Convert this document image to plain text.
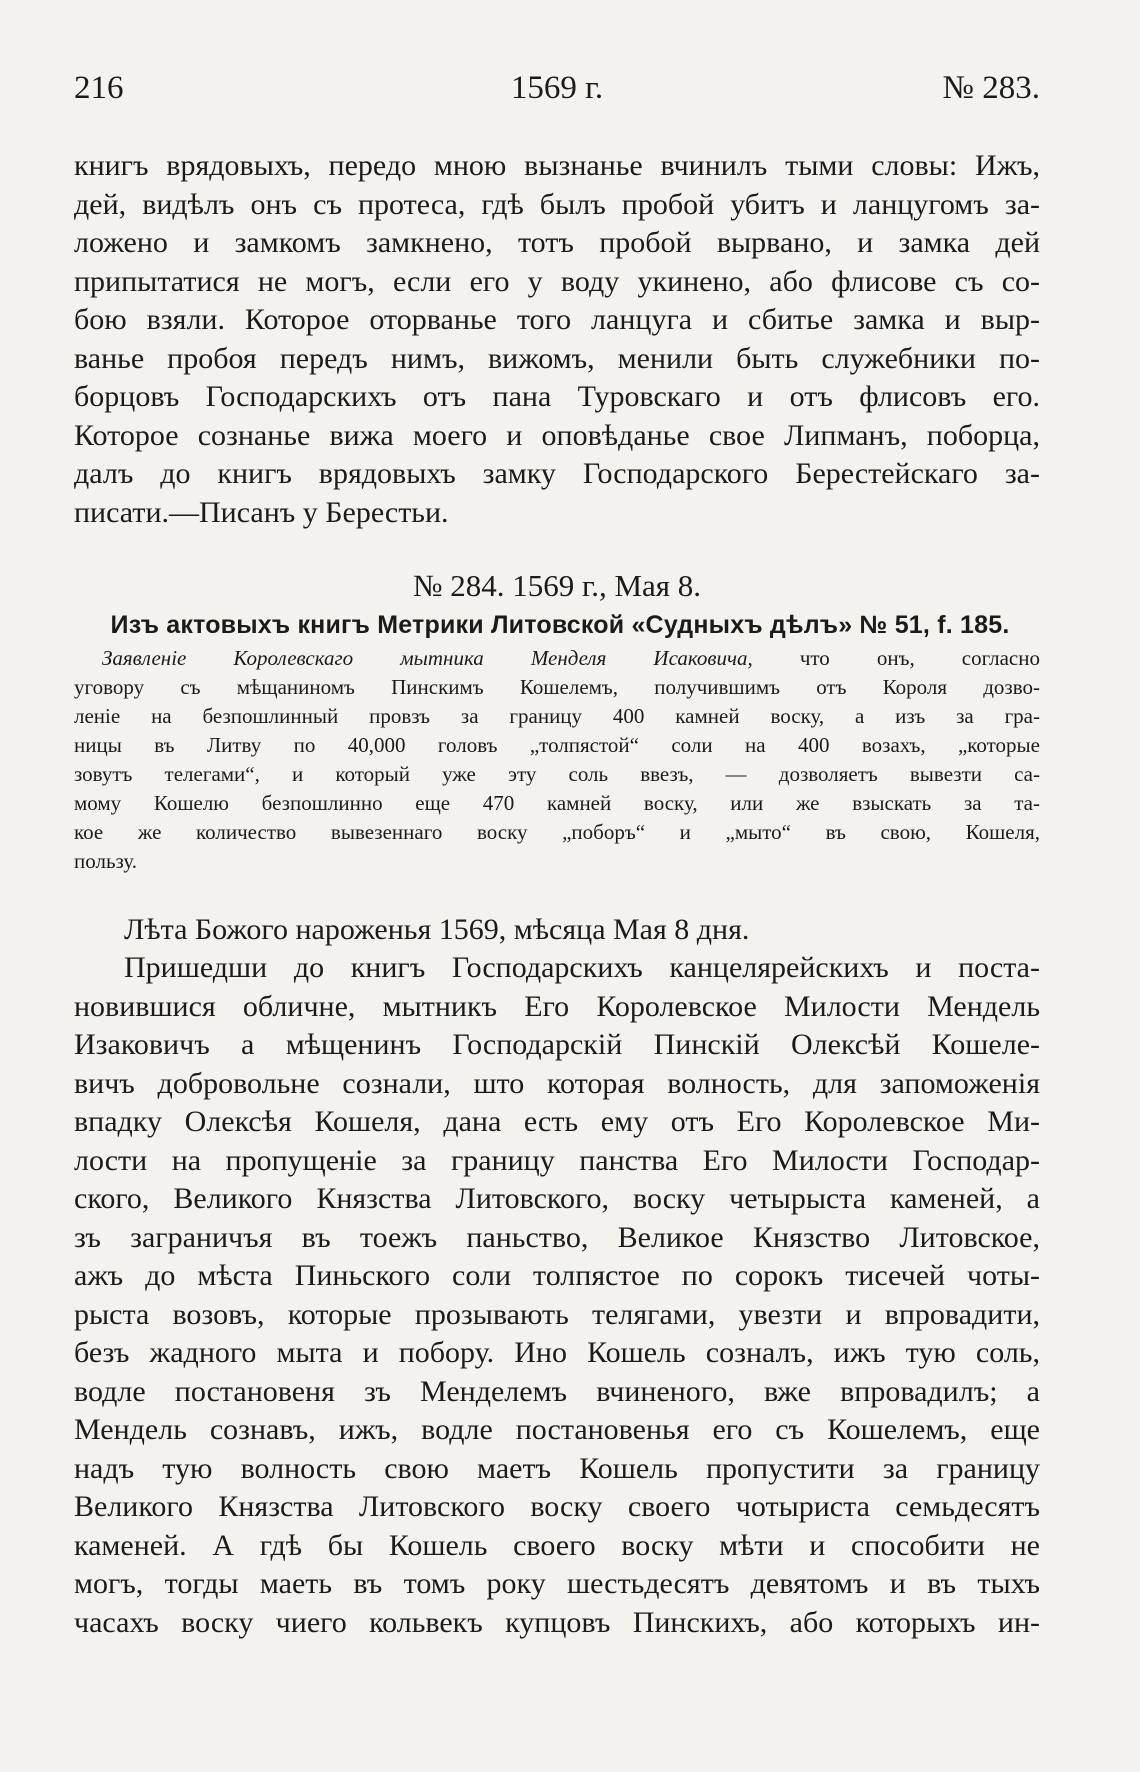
216	1569 г.	№ 283.
книгъ врядовыхъ, передо мною вызнанье вчинилъ тыми словы: Ижъ,
дей, видѣлъ онъ съ протеса, гдѣ былъ пробой убитъ и ланцугомъ за-
ложено и замкомъ замкнено, тотъ пробой вырвано, и замка дей
припытатися не могъ, если его у воду укинено, або флисове съ со-
бою взяли. Которое оторванье того ланцуга и сбитье замка и выр-
ванье пробоя передъ нимъ, вижомъ, менили быть служебники по-
борцовъ Господарскихъ отъ пана Туровскаго и отъ флисовъ его.
Которое сознанье вижа моего и оповѣданье свое Липманъ, поборца,
далъ до книгъ врядовыхъ замку Господарского Берестейскаго за-
писати.—Писанъ у Берестьи.
№ 284. 1569 г., Мая 8.
Изъ актовыхъ книгъ Метрики Литовской «Судныхъ дѣлъ» № 51, f. 185.
Заявленіе Королевскаго мытника Менделя Исаковича, что онъ, согласно
уговору съ мѣщаниномъ Пинскимъ Кошелемъ, получившимъ отъ Короля дозво-
леніе на безпошлинный провзъ за границу 400 камней воску, а изъ за гра-
ницы въ Литву по 40,000 головъ „толпястой“ соли на 400 возахъ, „которые
зовутъ телегами“, и который уже эту соль ввезъ, — дозволяетъ вывезти са-
мому Кошелю безпошлинно еще 470 камней воску, или же взыскать за та-
кое же количество вывезеннаго воску „поборъ“ и „мыто“ въ свою, Кошеля,
пользу.
Лѣта Божого нароженья 1569, мѣсяца Мая 8 дня.
Пришедши до книгъ Господарскихъ канцелярейскихъ и поста-
новившися обличне, мытникъ Его Королевское Милости Мендель
Изаковичъ а мѣщенинъ Господарскій Пинскій Олексѣй Кошеле-
вичъ добровольне сознали, што которая волность, для запоможенія
впадку Олексѣя Кошеля, дана есть ему отъ Его Королевское Ми-
лости на пропущеніе за границу панства Его Милости Господар-
ского, Великого Князства Литовского, воску четырыста каменей, а
зъ заграничъя въ тоежъ паньство, Великое Князство Литовское,
ажъ до мѣста Пиньского соли толпястое по сорокъ тисечей чоты-
рыста возовъ, которые прозывають телягами, увезти и впровадити,
безъ жадного мыта и побору. Ино Кошель созналъ, ижъ тую соль,
водле постановеня зъ Менделемъ вчиненого, вже впровадилъ; а
Мендель сознавъ, ижъ, водле постановенья его съ Кошелемъ, еще
надъ тую волность свою маетъ Кошель пропустити за границу
Великого Князства Литовского воску своего чотыриста семьдесятъ
каменей. А гдѣ бы Кошель своего воску мѣти и способити не
могъ, тогды маеть въ томъ року шестьдесятъ девятомъ и въ тыхъ
часахъ воску чиего кольвекъ купцовъ Пинскихъ, або которыхъ ин-
